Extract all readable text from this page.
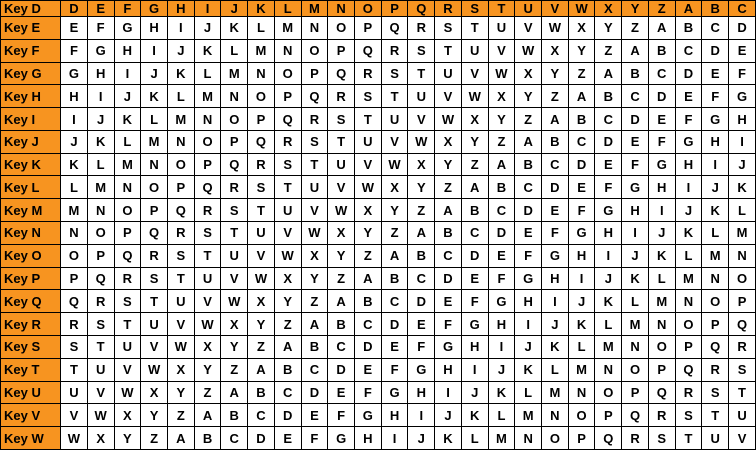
Key D	D	E	F	G	H	I	J	K	L	M	N	O	P	Q	R	S	T	U	V	W	X	Y	Z	A	B	C
Key E	E	F	G	H	I	J	K	L	M	N	O	P	Q	R	S	T	U	V	W	X	Y	Z	A	B	C	D
Key F	F	G	H	I	J	K	L	M	N	O	P	Q	R	S	T	U	V	W	X	Y	Z	A	B	C	D	E
Key G	G	H	I	J	K	L	M	N	O	P	Q	R	S	T	U	V	W	X	Y	Z	A	B	C	D	E	F
Key H	H	I	J	K	L	M	N	O	P	Q	R	S	T	U	V	W	X	Y	Z	A	B	C	D	E	F	G
Key I	I	J	K	L	M	N	O	P	Q	R	S	T	U	V	W	X	Y	Z	A	B	C	D	E	F	G	H
Key J	J	K	L	M	N	O	P	Q	R	S	T	U	V	W	X	Y	Z	A	B	C	D	E	F	G	H	I
Key K	K	L	M	N	O	P	Q	R	S	T	U	V	W	X	Y	Z	A	B	C	D	E	F	G	H	I	J
Key L	L	M	N	O	P	Q	R	S	T	U	V	W	X	Y	Z	A	B	C	D	E	F	G	H	I	J	K
Key M	M	N	O	P	Q	R	S	T	U	V	W	X	Y	Z	A	B	C	D	E	F	G	H	I	J	K	L
Key N	N	O	P	Q	R	S	T	U	V	W	X	Y	Z	A	B	C	D	E	F	G	H	I	J	K	L	M
Key O	O	P	Q	R	S	T	U	V	W	X	Y	Z	A	B	C	D	E	F	G	H	I	J	K	L	M	N
Key P	P	Q	R	S	T	U	V	W	X	Y	Z	A	B	C	D	E	F	G	H	I	J	K	L	M	N	O
Key Q	Q	R	S	T	U	V	W	X	Y	Z	A	B	C	D	E	F	G	H	I	J	K	L	M	N	O	P
Key R	R	S	T	U	V	W	X	Y	Z	A	B	C	D	E	F	G	H	I	J	K	L	M	N	O	P	Q
Key S	S	T	U	V	W	X	Y	Z	A	B	C	D	E	F	G	H	I	J	K	L	M	N	O	P	Q	R
Key T	T	U	V	W	X	Y	Z	A	B	C	D	E	F	G	H	I	J	K	L	M	N	O	P	Q	R	S
Key U	U	V	W	X	Y	Z	A	B	C	D	E	F	G	H	I	J	K	L	M	N	O	P	Q	R	S	T
Key V	V	W	X	Y	Z	A	B	C	D	E	F	G	H	I	J	K	L	M	N	O	P	Q	R	S	T	U
Key W	W	X	Y	Z	A	B	C	D	E	F	G	H	I	J	K	L	M	N	O	P	Q	R	S	T	U	V
